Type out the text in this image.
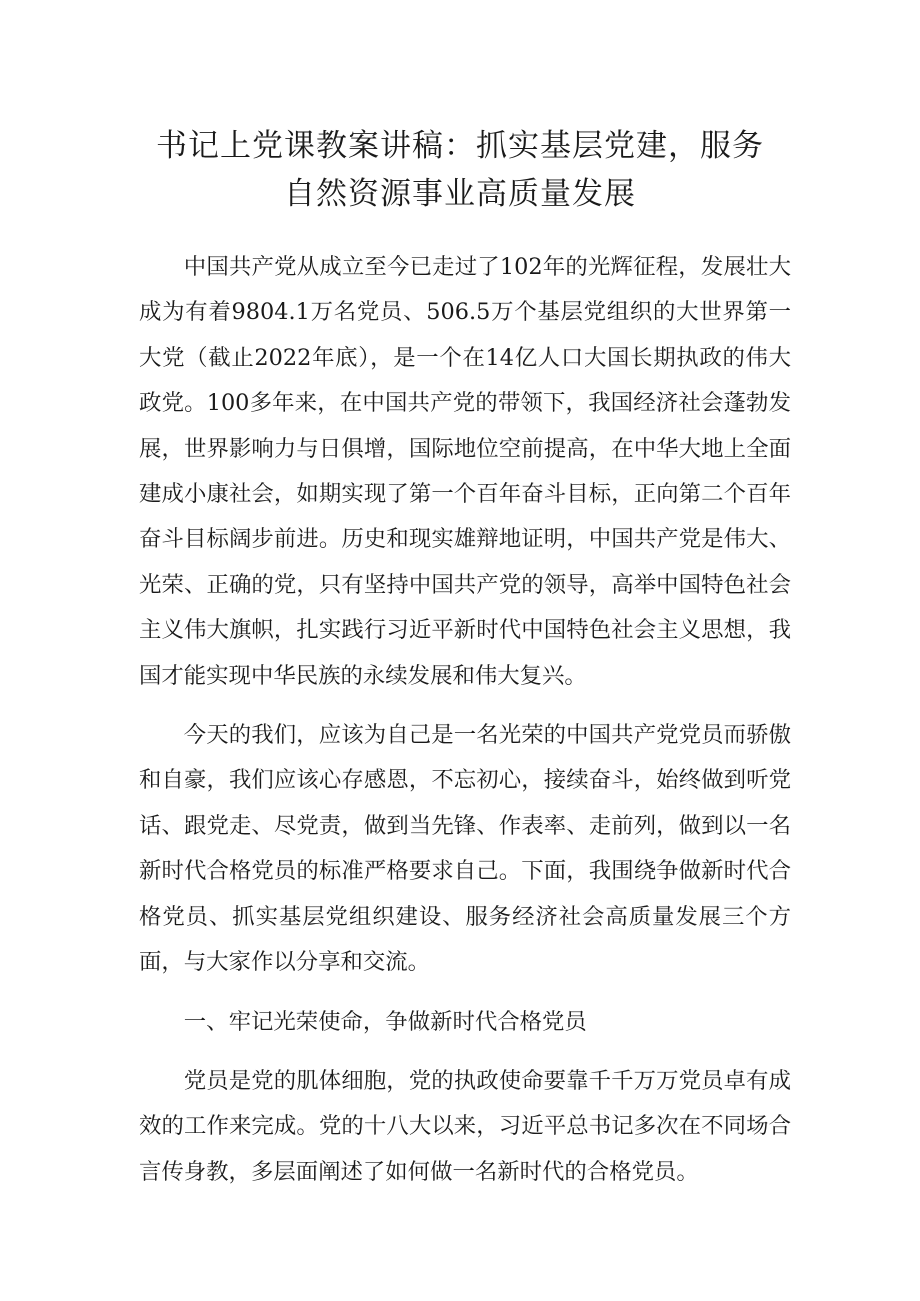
书记上党课教案讲稿：抓实基层党建，服务
自然资源事业高质量发展

中国共产党从成立至今已走过了102年的光辉征程，发展壮大成为有着9804.1万名党员、506.5万个基层党组织的大世界第一大党（截止2022年底），是一个在14亿人口大国长期执政的伟大政党。100多年来，在中国共产党的带领下，我国经济社会蓬勃发展，世界影响力与日俱增，国际地位空前提高，在中华大地上全面建成小康社会，如期实现了第一个百年奋斗目标，正向第二个百年奋斗目标阔步前进。历史和现实雄辩地证明，中国共产党是伟大、光荣、正确的党，只有坚持中国共产党的领导，高举中国特色社会主义伟大旗帜，扎实践行习近平新时代中国特色社会主义思想，我国才能实现中华民族的永续发展和伟大复兴。

今天的我们，应该为自己是一名光荣的中国共产党党员而骄傲和自豪，我们应该心存感恩，不忘初心，接续奋斗，始终做到听党话、跟党走、尽党责，做到当先锋、作表率、走前列，做到以一名新时代合格党员的标准严格要求自己。下面，我围绕争做新时代合格党员、抓实基层党组织建设、服务经济社会高质量发展三个方面，与大家作以分享和交流。

一、牢记光荣使命，争做新时代合格党员

党员是党的肌体细胞，党的执政使命要靠千千万万党员卓有成效的工作来完成。党的十八大以来，习近平总书记多次在不同场合言传身教，多层面阐述了如何做一名新时代的合格党员。
